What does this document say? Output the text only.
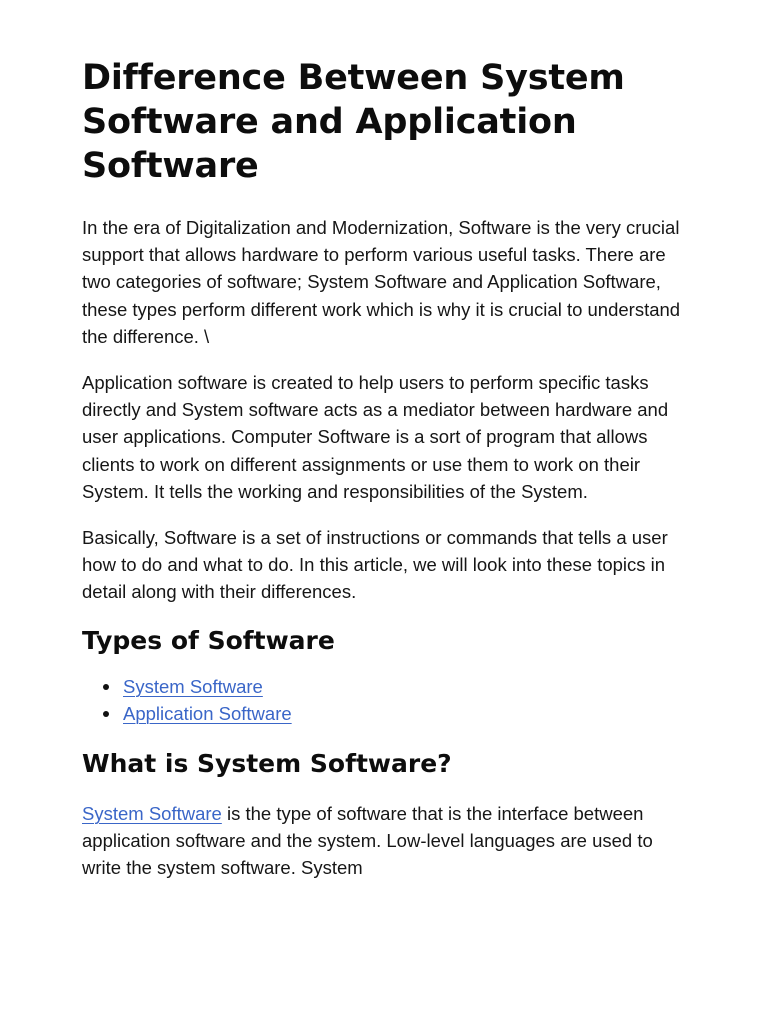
Difference Between System Software and Application Software

In the era of Digitalization and Modernization, Software is the very crucial support that allows hardware to perform various useful tasks. There are two categories of software; System Software and Application Software, these types perform different work which is why it is crucial to understand the difference. \

Application software is created to help users to perform specific tasks directly and System software acts as a mediator between hardware and user applications. Computer Software is a sort of program that allows clients to work on different assignments or use them to work on their System. It tells the working and responsibilities of the System.

Basically, Software is a set of instructions or commands that tells a user how to do and what to do. In this article, we will look into these topics in detail along with their differences.

Types of Software
System Software
Application Software
What is System Software?

System Software is the type of software that is the interface between application software and the system. Low-level languages are used to write the system software. System
